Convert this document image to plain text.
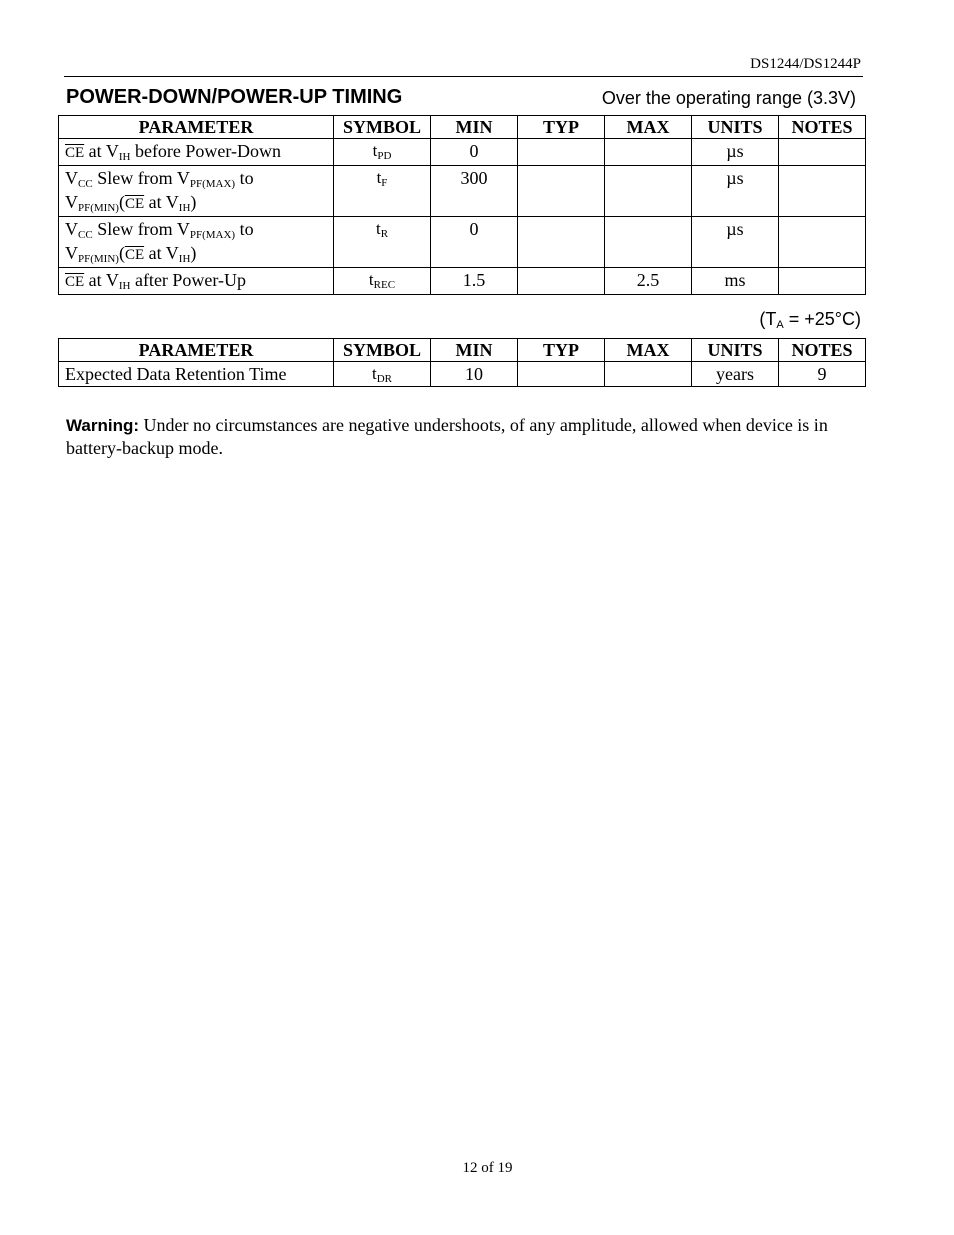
DS1244/DS1244P
POWER-DOWN/POWER-UP TIMING	Over the operating range (3.3V)
PARAMETER	SYMBOL	MIN	TYP	MAX	UNITS	NOTES
$\overline{CE}$ at $V_{IH}$ before Power-Down	$t_{PD}$	0			µs	
$V_{CC}$ Slew from $V_{PF(MAX)}$ to
$V_{PF(MIN)}(\overline{CE}$ at $V_{IH}$)	$t_F$	300			µs	
$V_{CC}$ Slew from $V_{PF(MAX)}$ to
$V_{PF(MIN)}(\overline{CE}$ at $V_{IH}$)	$t_R$	0			µs	
$\overline{CE}$ at $V_{IH}$ after Power-Up	$t_{REC}$	1.5		2.5	ms	
$(T_A = +25^\circ C)$
PARAMETER	SYMBOL	MIN	TYP	MAX	UNITS	NOTES
Expected Data Retention Time	$t_{DR}$	10			years	9
Warning: Under no circumstances are negative undershoots, of any amplitude, allowed when device is in battery-backup mode.
12 of 19
